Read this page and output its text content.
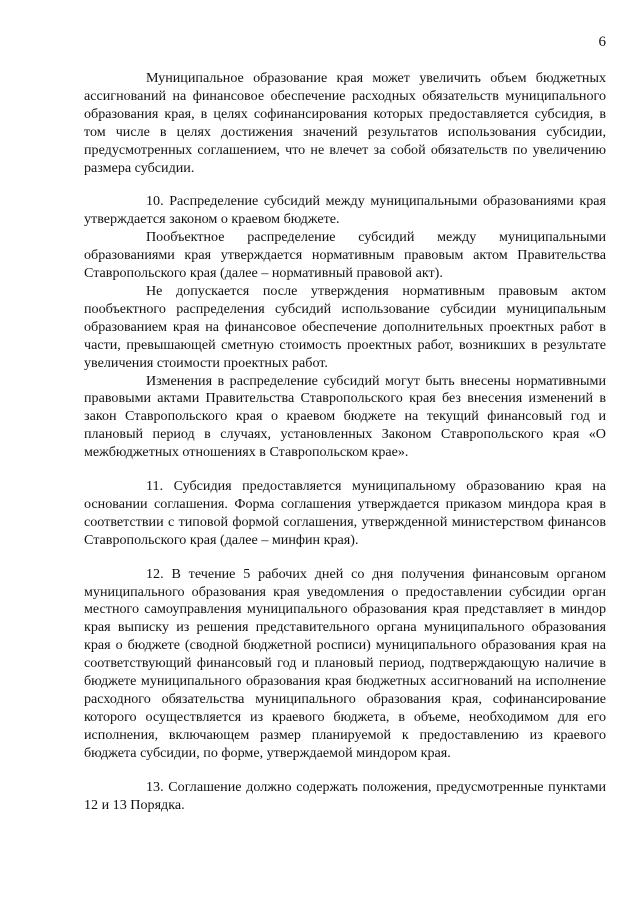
6

Муниципальное образование края может увеличить объем бюджетных ассигнований на финансовое обеспечение расходных обязательств муниципального образования края, в целях софинансирования которых предоставляется субсидия, в том числе в целях достижения значений результатов использования субсидии, предусмотренных соглашением, что не влечет за собой обязательств по увеличению размера субсидии.

10. Распределение субсидий между муниципальными образованиями края утверждается законом о краевом бюджете.

Пообъектное распределение субсидий между муниципальными образованиями края утверждается нормативным правовым актом Правительства Ставропольского края (далее – нормативный правовой акт).

Не допускается после утверждения нормативным правовым актом пообъектного распределения субсидий использование субсидии муниципальным образованием края на финансовое обеспечение дополнительных проектных работ в части, превышающей сметную стоимость проектных работ, возникших в результате увеличения стоимости проектных работ.

Изменения в распределение субсидий могут быть внесены нормативными правовыми актами Правительства Ставропольского края без внесения изменений в закон Ставропольского края о краевом бюджете на текущий финансовый год и плановый период в случаях, установленных Законом Ставропольского края «О межбюджетных отношениях в Ставропольском крае».

11. Субсидия предоставляется муниципальному образованию края на основании соглашения. Форма соглашения утверждается приказом миндора края в соответствии с типовой формой соглашения, утвержденной министерством финансов Ставропольского края (далее – минфин края).

12. В течение 5 рабочих дней со дня получения финансовым органом муниципального образования края уведомления о предоставлении субсидии орган местного самоуправления муниципального образования края представляет в миндор края выписку из решения представительного органа муниципального образования края о бюджете (сводной бюджетной росписи) муниципального образования края на соответствующий финансовый год и плановый период, подтверждающую наличие в бюджете муниципального образования края бюджетных ассигнований на исполнение расходного обязательства муниципального образования края, софинансирование которого осуществляется из краевого бюджета, в объеме, необходимом для его исполнения, включающем размер планируемой к предоставлению из краевого бюджета субсидии, по форме, утверждаемой миндором края.

13. Соглашение должно содержать положения, предусмотренные пунктами 12 и 13 Порядка.
